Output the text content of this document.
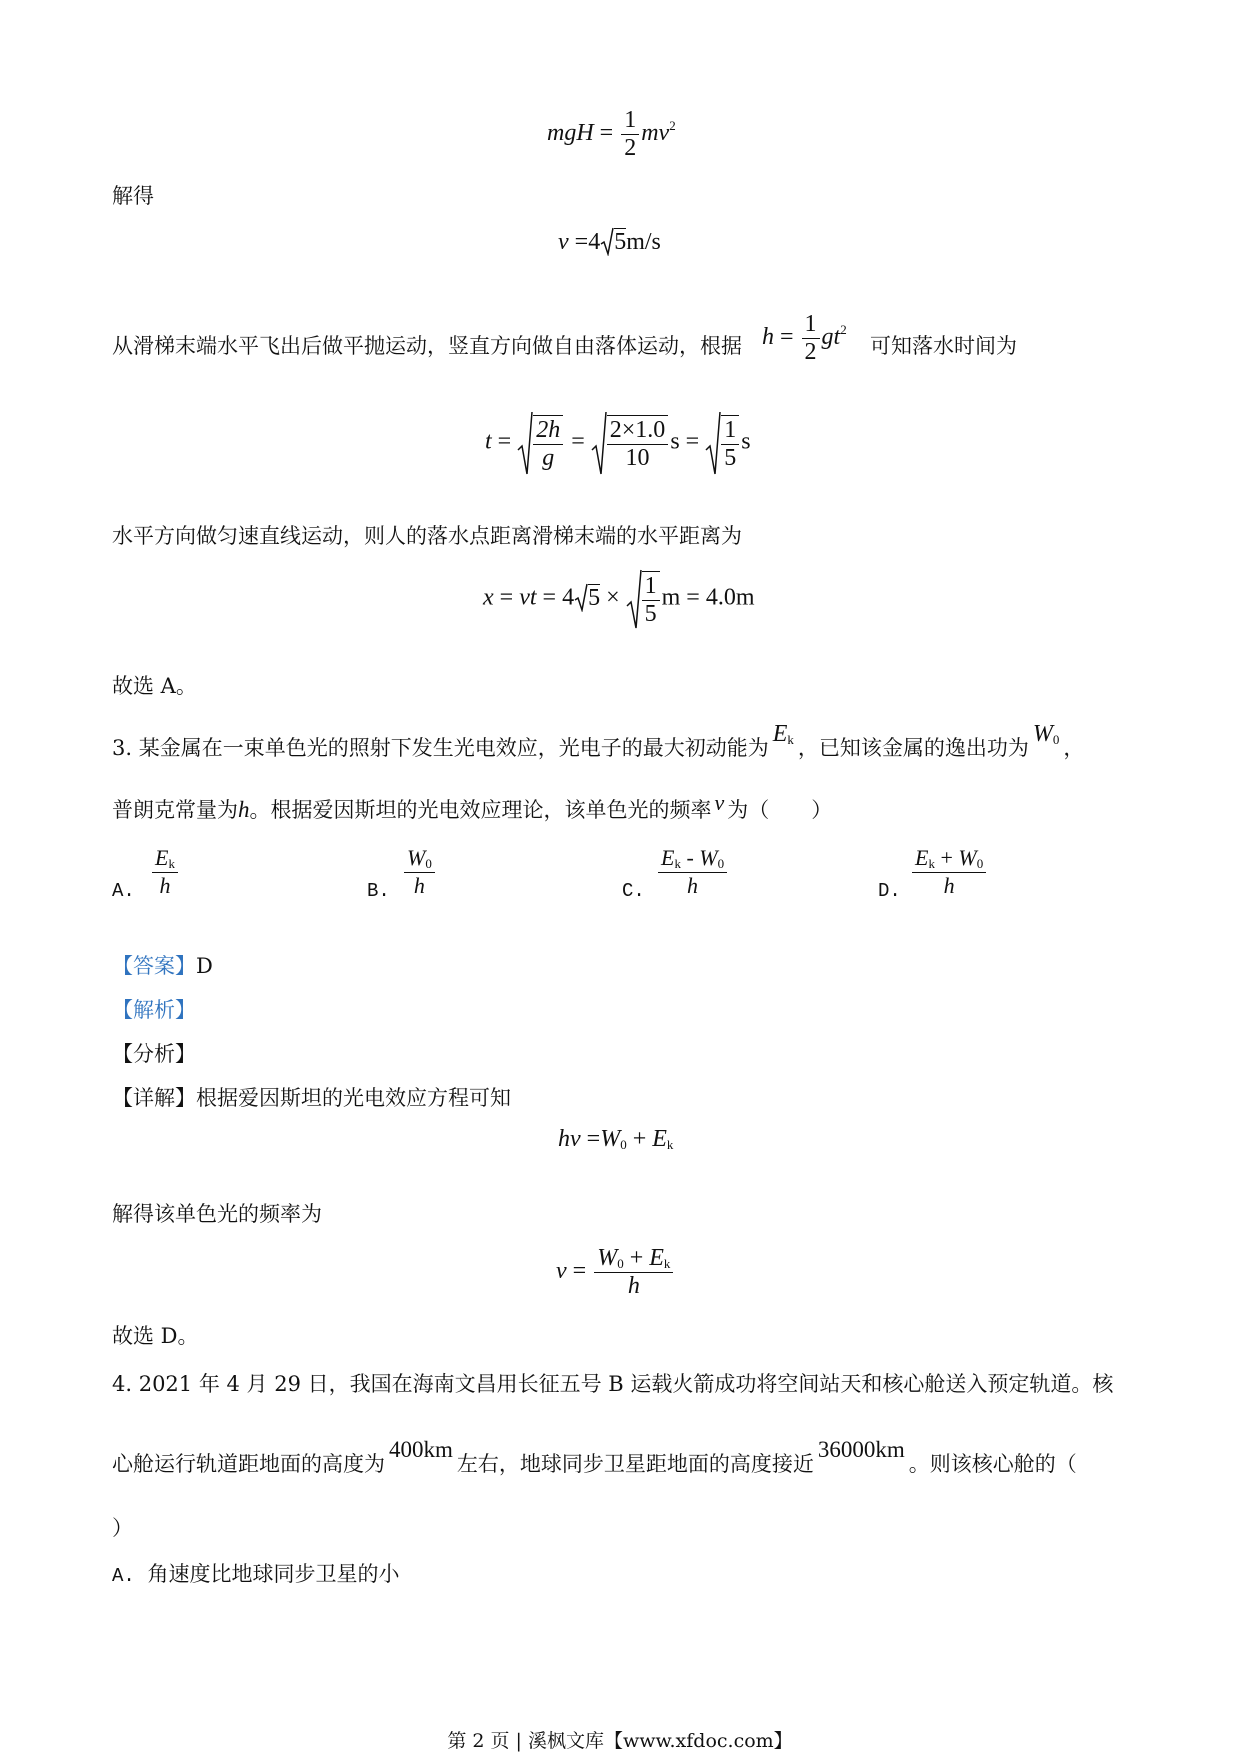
mgH = $\frac{1}{2} mv^2$
解得
v =4 5m/s
从滑梯末端水平飞出后做平抛运动，竖直方向做自由落体运动，根据 $h = \frac{1}{2} gt^2$
可知落水时间为
$t = \frac{2h}{g} = \frac{2\times 1.0}{10}$ $s = \frac{1}{5}$ s
水平方向做匀速直线运动，则人的落水点距离滑梯末端的水平距离为
x = vt = 4 $5 \times \frac{1}{5}$ m = 4.0m
故选 A。
3. 某金属在一束单色光的照射下发生光电效应，光电子的最大初动能为$E_k$ ，已知该金属的逸出功为$W_0$ ，
普朗克常量为h。根据爱因斯坦的光电效应理论，该单色光的频率 ν 为（　　）
A. $\frac{E_k}{h}$	B. $\frac{W_0}{h}$	C. $\frac{E_k - W_0}{h}$	D. $\frac{E_k + W_0}{h}$
【答案】D
【解析】
【分析】
【详解】根据爱因斯坦的光电效应方程可知
$h\nu =W_0 + E_k$
解得该单色光的频率为
$\nu = \frac{W_0 + E_k}{h}$
故选 D。
4. 2021 年 4 月 29 日，我国在海南文昌用长征五号 B 运载火箭成功将空间站天和核心舱送入预定轨道。核
心舱运行轨道距地面的高度为400km左右，地球同步卫星距地面的高度接近36000km。则该核心舱的（
）
A. 角速度比地球同步卫星的小
第 2 页 | 溪枫文库【www.xfdoc.com】
